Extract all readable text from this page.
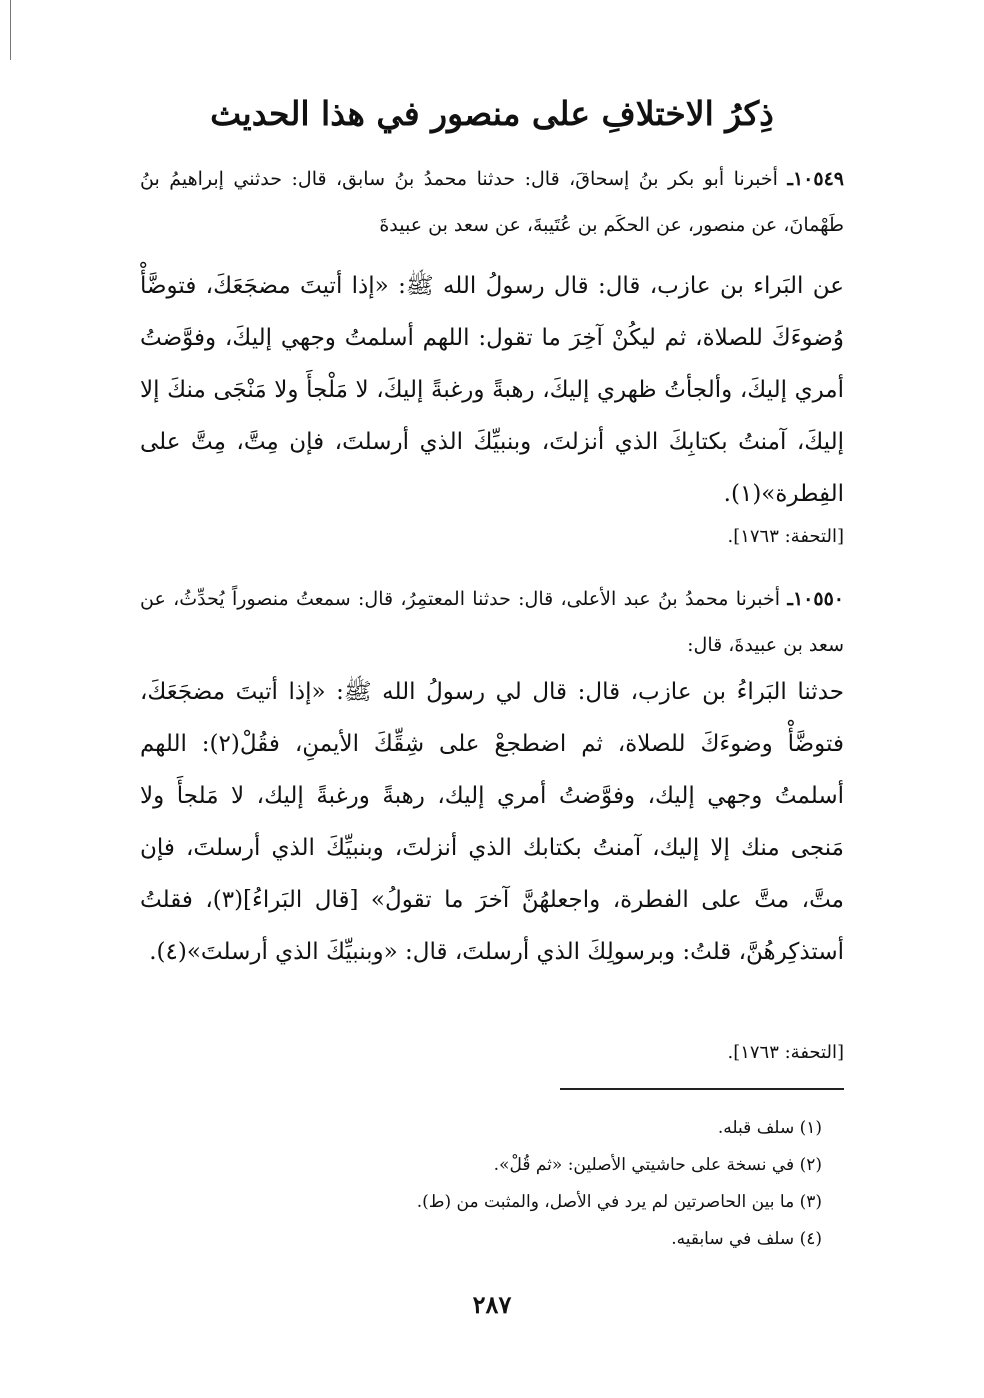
ذِكرُ الاختلافِ على منصور في هذا الحديث

١٠٥٤٩ـ أخبرنا أبو بكر بنُ إسحاقَ، قال: حدثنا محمدُ بنُ سابق، قال: حدثني إبراهيمُ بنُ طَهْمانَ، عن منصور، عن الحكَم بن عُتَيبةَ، عن سعد بن عبيدةَ

عن البَراء بن عازب، قال: قال رسولُ الله ﷺ: «إذا أتيتَ مضجَعَكَ، فتوضَّأْ وُضوءَكَ للصلاة، ثم ليكُنْ آخِرَ ما تقول: اللهم أسلمتُ وجهي إليكَ، وفوَّضتُ أمري إليكَ، وألجأتُ ظهري إليكَ، رهبةً ورغبةً إليكَ، لا مَلْجأَ ولا مَنْجَى منكَ إلا إليكَ، آمنتُ بكتابِكَ الذي أنزلتَ، وبنبيِّكَ الذي أرسلتَ، فإن مِتَّ، مِتَّ على الفِطرة»(١).

[التحفة: ١٧٦٣].

١٠٥٥٠ـ أخبرنا محمدُ بنُ عبد الأعلى، قال: حدثنا المعتمِرُ، قال: سمعتُ منصوراً يُحدِّثُ، عن سعد بن عبيدةَ، قال:

حدثنا البَراءُ بن عازب، قال: قال لي رسولُ الله ﷺ: «إذا أتيتَ مضجَعَكَ، فتوضَّأْ وضوءَكَ للصلاة، ثم اضطجعْ على شِقِّكَ الأيمنِ، فقُلْ(٢): اللهم أسلمتُ وجهي إليك، وفوَّضتُ أمري إليك، رهبةً ورغبةً إليك، لا مَلجأَ ولا مَنجى منك إلا إليك، آمنتُ بكتابك الذي أنزلتَ، وبنبيِّكَ الذي أرسلتَ، فإن متَّ، متَّ على الفطرة، واجعلهُنَّ آخرَ ما تقولُ» [قال البَراءُ](٣)، فقلتُ أستذكِرهُنَّ، قلتُ: وبرسولِكَ الذي أرسلتَ، قال: «وبنبيِّكَ الذي أرسلتَ»(٤).

[التحفة: ١٧٦٣].
(١) سلف قبله.
(٢) في نسخة على حاشيتي الأصلين: «ثم قُلْ».
(٣) ما بين الحاصرتين لم يرد في الأصل، والمثبت من (ط).
(٤) سلف في سابقيه.
٢٨٧
